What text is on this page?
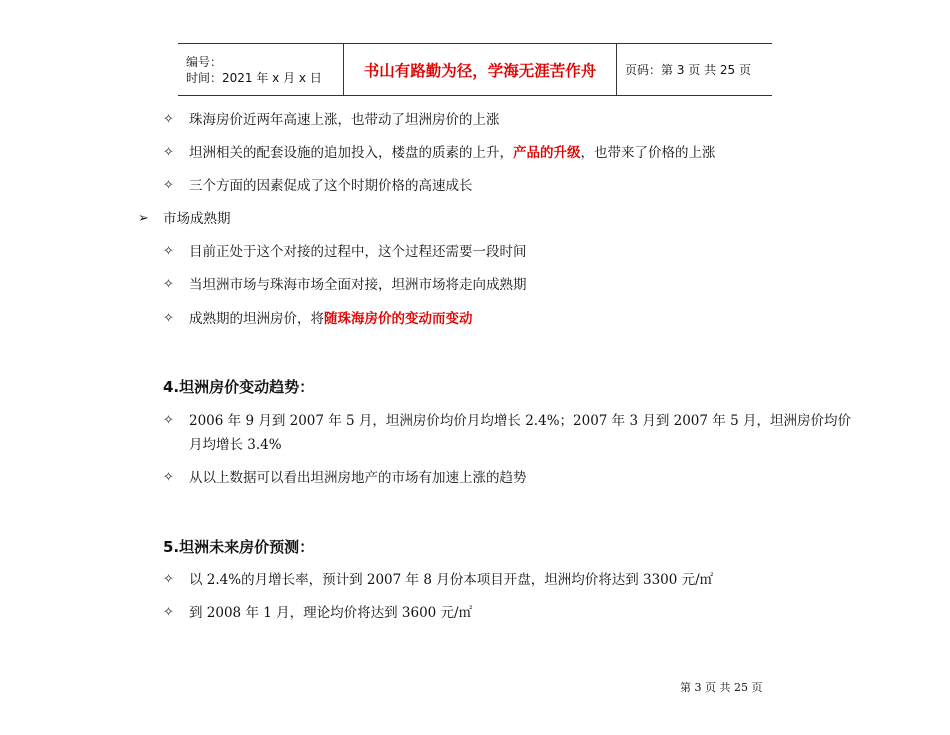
编号：
时间：2021 年 x 月 x 日	书山有路勤为径，学海无涯苦作舟 页码：第 3 页 共 25 页
✧ 珠海房价近两年高速上涨，也带动了坦洲房价的上涨
✧ 坦洲相关的配套设施的追加投入，楼盘的质素的上升，产品的升级，也带来了价格的上涨
✧ 三个方面的因素促成了这个时期价格的高速成长
➢ 市场成熟期
✧ 目前正处于这个对接的过程中，这个过程还需要一段时间
✧ 当坦洲市场与珠海市场全面对接，坦洲市场将走向成熟期
✧ 成熟期的坦洲房价，将随珠海房价的变动而变动
4.坦洲房价变动趋势：
✧ 2006 年 9 月到 2007 年 5 月，坦洲房价均价月均增长 2.4%；2007 年 3 月到 2007 年 5 月，坦洲房价均价
月均增长 3.4%
✧ 从以上数据可以看出坦洲房地产的市场有加速上涨的趋势
5.坦洲未来房价预测：
✧ 以 2.4%的月增长率，预计到 2007 年 8 月份本项目开盘，坦洲均价将达到 3300 元/㎡
✧ 到 2008 年 1 月，理论均价将达到 3600 元/㎡
第 3 页 共 25 页
